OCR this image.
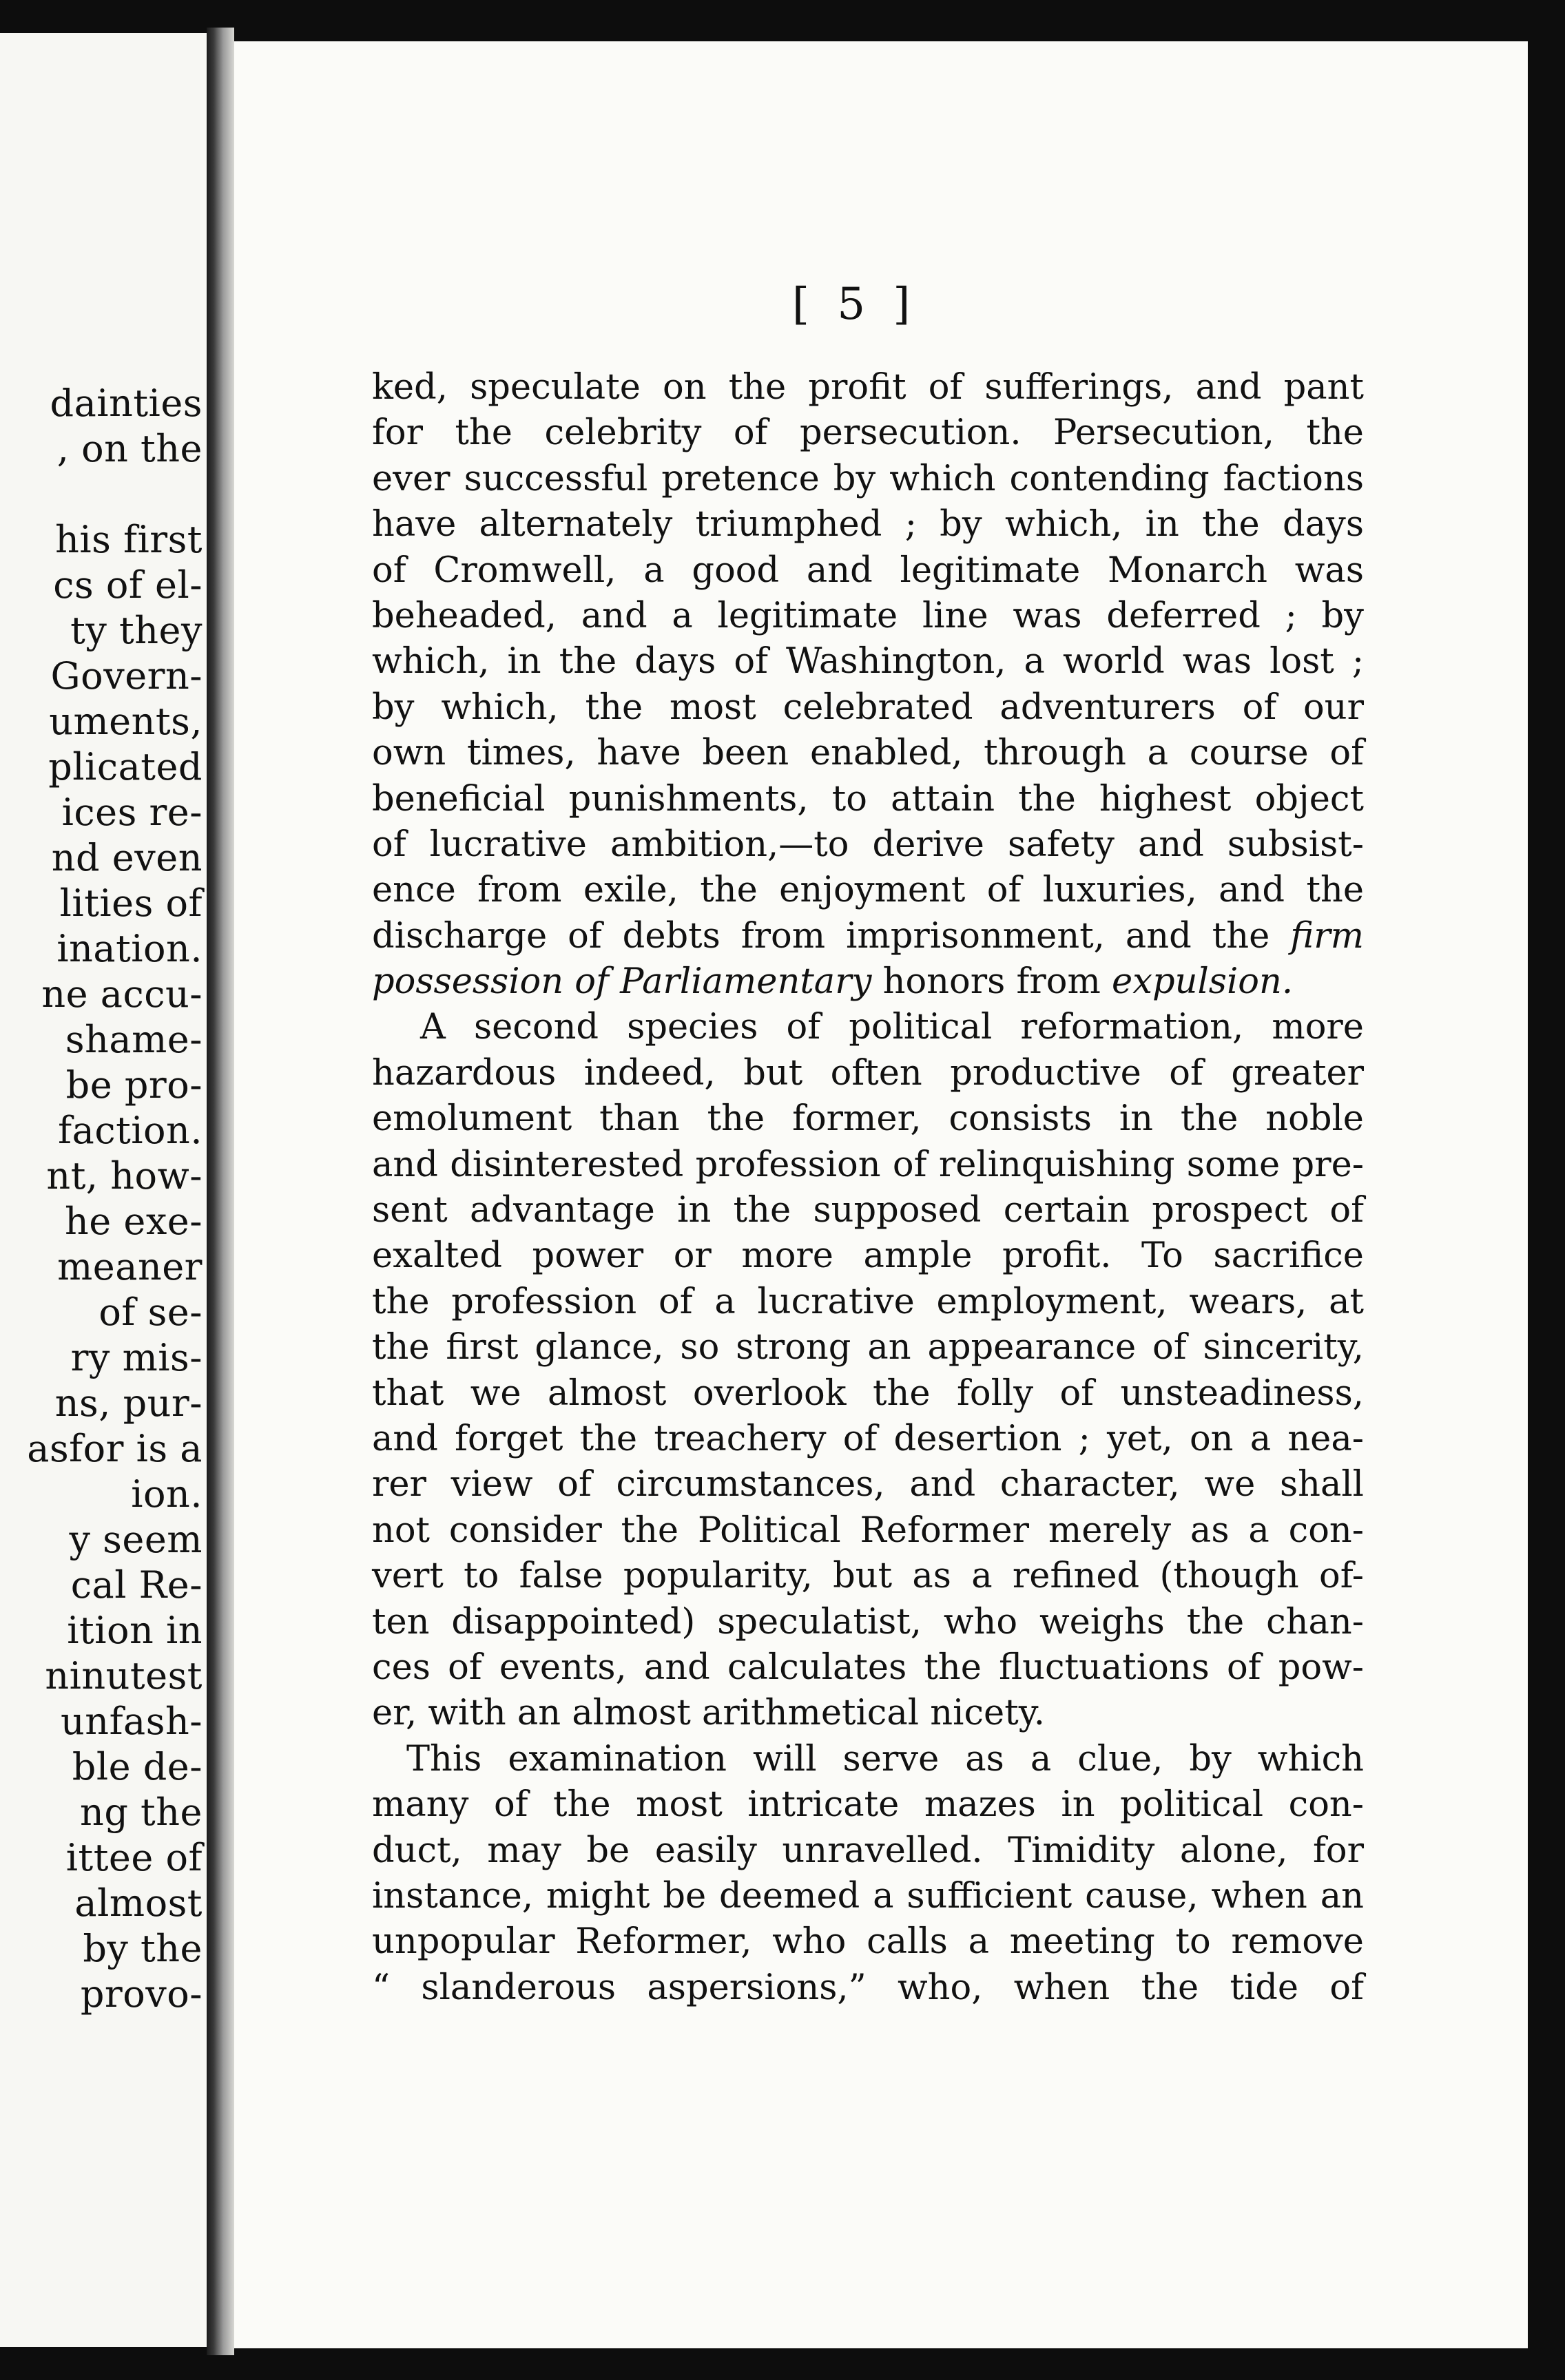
dainties
, on the
his first
cs of el-
ty they
Govern-
uments,
plicated
ices re-
nd even
lities of
ination.
ne accu-
shame-
be pro-
faction.
nt, how-
he exe-
meaner
of se-
ry mis-
ns, pur-
asfor is a
ion.
y seem
cal Re-
ition in
ninutest
unfash-
ble de-
ng the
ittee of
almost
by the
provo-
[ 5 ]
ked, speculate on the profit of sufferings, and pant
for the celebrity of persecution. Persecution, the
ever successful pretence by which contending factions
have alternately triumphed ; by which, in the days
of Cromwell, a good and legitimate Monarch was
beheaded, and a legitimate line was deferred ; by
which, in the days of Washington, a world was lost ;
by which, the most celebrated adventurers of our
own times, have been enabled, through a course of
beneficial punishments, to attain the highest object
of lucrative ambition,—to derive safety and subsist-
ence from exile, the enjoyment of luxuries, and the
discharge of debts from imprisonment, and the firm
possession of Parliamentary honors from expulsion.
A second species of political reformation, more
hazardous indeed, but often productive of greater
emolument than the former, consists in the noble
and disinterested profession of relinquishing some pre-
sent advantage in the supposed certain prospect of
exalted power or more ample profit. To sacrifice
the profession of a lucrative employment, wears, at
the first glance, so strong an appearance of sincerity,
that we almost overlook the folly of unsteadiness,
and forget the treachery of desertion ; yet, on a nea-
rer view of circumstances, and character, we shall
not consider the Political Reformer merely as a con-
vert to false popularity, but as a refined (though of-
ten disappointed) speculatist, who weighs the chan-
ces of events, and calculates the fluctuations of pow-
er, with an almost arithmetical nicety.
This examination will serve as a clue, by which
many of the most intricate mazes in political con-
duct, may be easily unravelled. Timidity alone, for
instance, might be deemed a sufficient cause, when an
unpopular Reformer, who calls a meeting to remove
“ slanderous aspersions,” who, when the tide of
